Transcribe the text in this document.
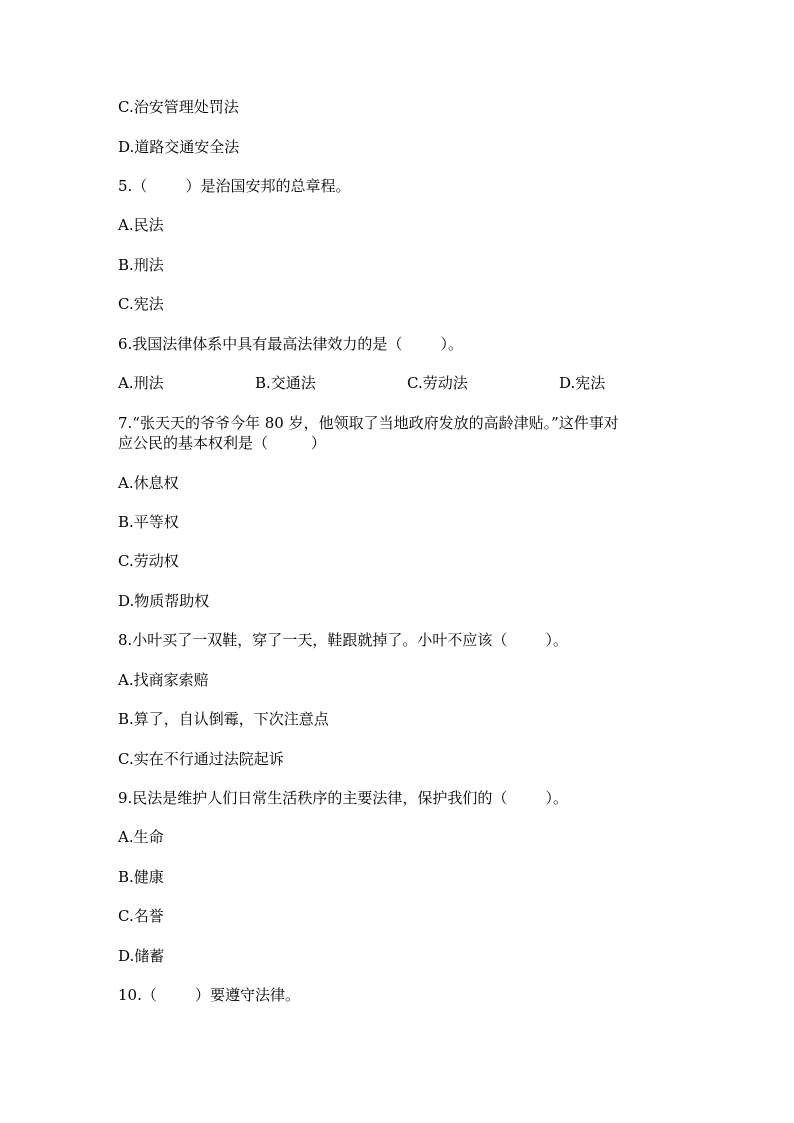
C.治安管理处罚法
D.道路交通安全法
5.（        ）是治国安邦的总章程。
A.民法
B.刑法
C.宪法
6.我国法律体系中具有最高法律效力的是（        ）。
A.刑法	B.交通法	C.劳动法	D.宪法
7.“张天天的爷爷今年 80 岁，他领取了当地政府发放的高龄津贴。”这件事对
应公民的基本权利是（         ）
A.休息权
B.平等权
C.劳动权
D.物质帮助权
8.小叶买了一双鞋，穿了一天，鞋跟就掉了。小叶不应该（        ）。
A.找商家索赔
B.算了，自认倒霉，下次注意点
C.实在不行通过法院起诉
9.民法是维护人们日常生活秩序的主要法律，保护我们的（        ）。
A.生命
B.健康
C.名誉
D.储蓄
10.（        ）要遵守法律。
